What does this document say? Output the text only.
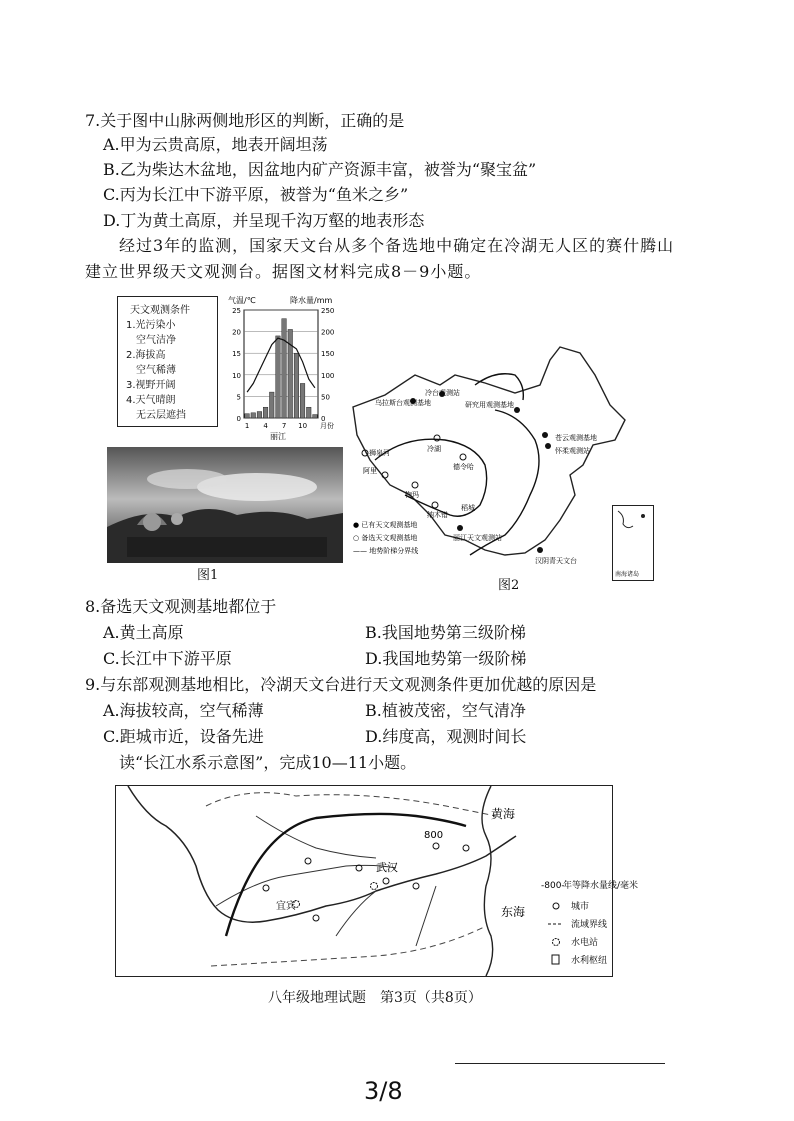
7.关于图中山脉两侧地形区的判断，正确的是
A.甲为云贵高原，地表开阔坦荡
B.乙为柴达木盆地，因盆地内矿产资源丰富，被誉为“聚宝盆”
C.丙为长江中下游平原，被誉为“鱼米之乡”
D.丁为黄土高原，并呈现千沟万壑的地表形态
经过3年的监测，国家天文台从多个备选地中确定在冷湖无人区的赛什腾山
建立世界级天文观测台。据图文材料完成8－9小题。
天文观测条件
1.光污染小
空气洁净
2.海拔高
空气稀薄
3.视野开阔
4.天气晴朗
无云层遮挡
气温/℃	降水量/mm
25	250
20	200
15	150
10	100
5	50
0	0
1 4 7 10 月份
丽江
图1
冷台观测站
乌拉斯台观测基地	研究用观测基地
苍云观测基地
怀柔观测站
狮泉河
阿里
冷湖
德令哈
物玛
纳木错
丽江天文观测站
稻城
汉阴青天文台
● 已有天文观测基地
○ 备选天文观测基地
—— 地势阶梯分界线
南海诸岛
图2
8.备选天文观测基地都位于
A.黄土高原	B.我国地势第三级阶梯
C.长江中下游平原	D.我国地势第一级阶梯
9.与东部观测基地相比，冷湖天文台进行天文观测条件更加优越的原因是
A.海拔较高，空气稀薄	B.植被茂密，空气清净
C.距城市近，设备先进	D.纬度高，观测时间长
读“长江水系示意图”，完成10—11小题。
黄海
东海
武汉
宜宾
800
-800-
年等降水量线/毫米
城市
流域界线
水电站
水利枢纽
八年级地理试题　第3页（共8页）
3/8
